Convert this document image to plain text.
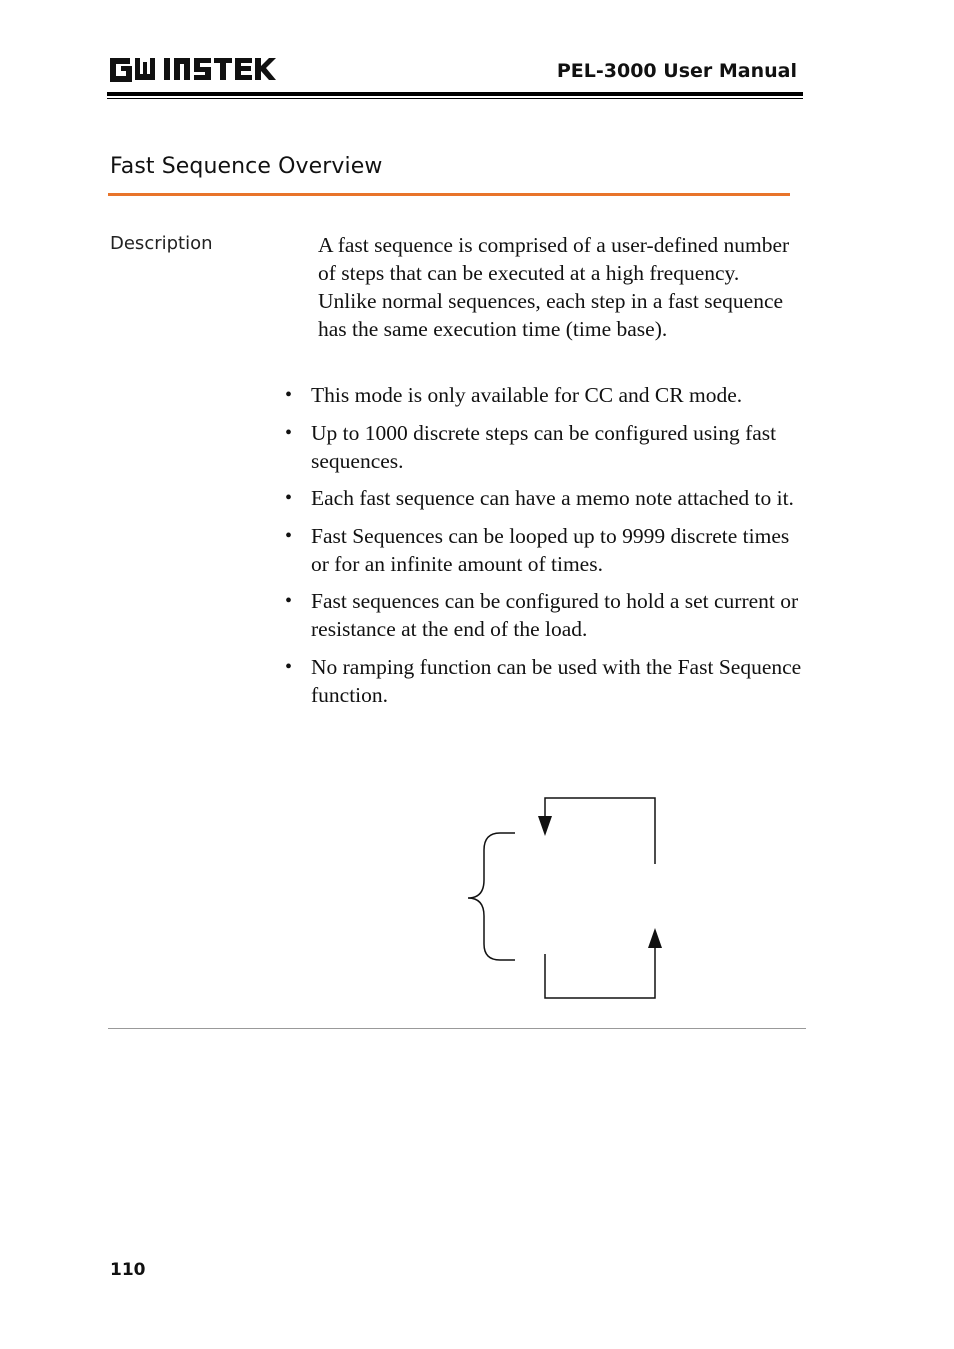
PEL-3000 User Manual
Fast Sequence Overview
Description	A fast sequence is comprised of a user-defined number of steps that can be executed at a high frequency. Unlike normal sequences, each step in a fast sequence has the same execution time (time base).
• This mode is only available for CC and CR mode.
• Up to 1000 discrete steps can be configured using fast sequences.
• Each fast sequence can have a memo note attached to it.
• Fast Sequences can be looped up to 9999 discrete times or for an infinite amount of times.
• Fast sequences can be configured to hold a set current or resistance at the end of the load.
• No ramping function can be used with the Fast Sequence function.
110
